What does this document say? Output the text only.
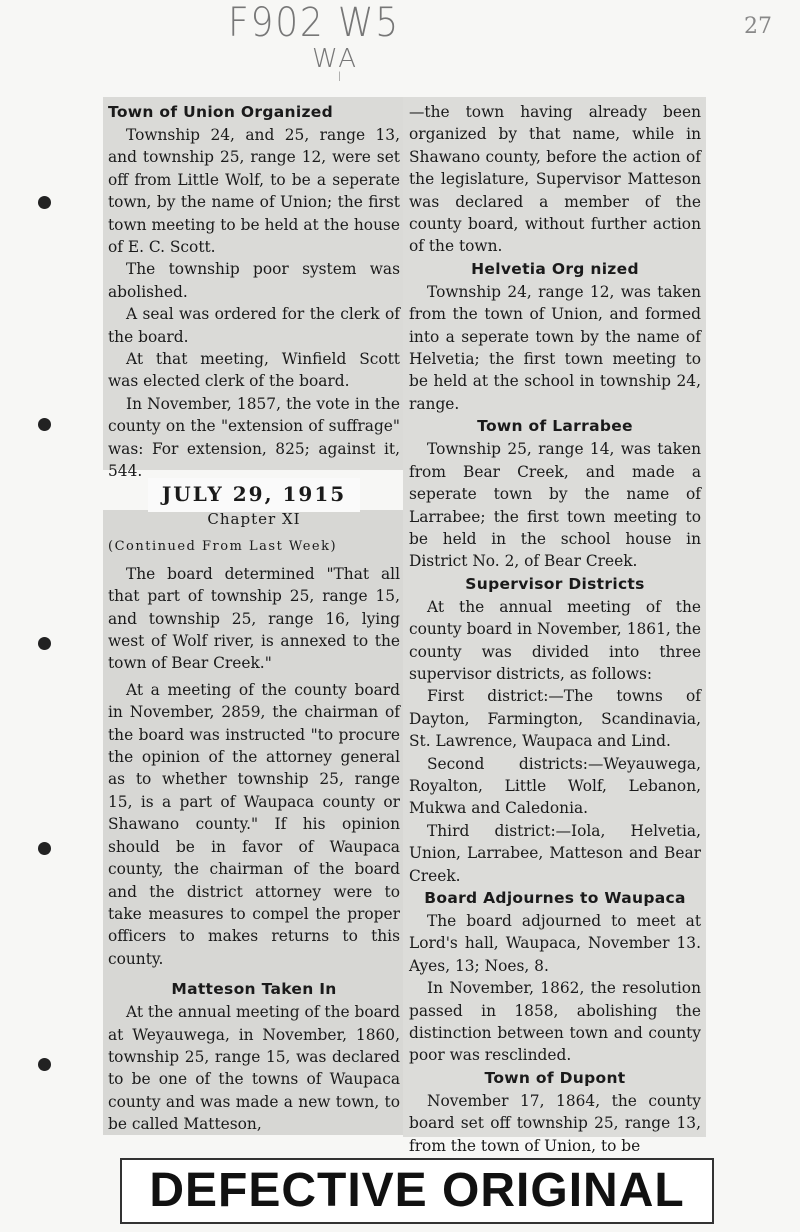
F902 W5
WA
l
27
Town of Union Organized

Township 24, and 25, range 13, and township 25, range 12, were set off from Little Wolf, to be a seperate town, by the name of Union; the first town meeting to be held at the house of E. C. Scott.

The township poor system was abolished.

A seal was ordered for the clerk of the board.

At that meeting, Winfield Scott was elected clerk of the board.

In November, 1857, the vote in the county on the "extension of suffrage" was: For extension, 825; against it, 544.

JULY 29, 1915

Chapter XI

(Continued From Last Week)

The board determined "That all that part of township 25, range 15, and township 25, range 16, lying west of Wolf river, is annexed to the town of Bear Creek."

At a meeting of the county board in November, 2859, the chairman of the board was instructed "to procure the opinion of the attorney general as to whether township 25, range 15, is a part of Waupaca county or Shawano county." If his opinion should be in favor of Waupaca county, the chairman of the board and the district attorney were to take measures to compel the proper officers to makes returns to this county.

Matteson Taken In

At the annual meeting of the board at Weyauwega, in November, 1860, township 25, range 15, was declared to be one of the towns of Waupaca county and was made a new town, to be called Matteson,

—the town having already been organized by that name, while in Shawano county, before the action of the legislature, Supervisor Matteson was declared a member of the county board, without further action of the town.

Helvetia Org nized

Township 24, range 12, was taken from the town of Union, and formed into a seperate town by the name of Helvetia; the first town meeting to be held at the school in township 24, range.

Town of Larrabee

Township 25, range 14, was taken from Bear Creek, and made a seperate town by the name of Larrabee; the first town meeting to be held in the school house in District No. 2, of Bear Creek.

Supervisor Districts

At the annual meeting of the county board in November, 1861, the county was divided into three supervisor districts, as follows:

First district:—The towns of Dayton, Farmington, Scandinavia, St. Lawrence, Waupaca and Lind.

Second districts:—Weyauwega, Royalton, Little Wolf, Lebanon, Mukwa and Caledonia.

Third district:—Iola, Helvetia, Union, Larrabee, Matteson and Bear Creek.

Board Adjournes to Waupaca

The board adjourned to meet at Lord's hall, Waupaca, November 13. Ayes, 13; Noes, 8.

In November, 1862, the resolution passed in 1858, abolishing the distinction between town and county poor was resclinded.

Town of Dupont

November 17, 1864, the county board set off township 25, range 13, from the town of Union, to be

DEFECTIVE ORIGINAL
